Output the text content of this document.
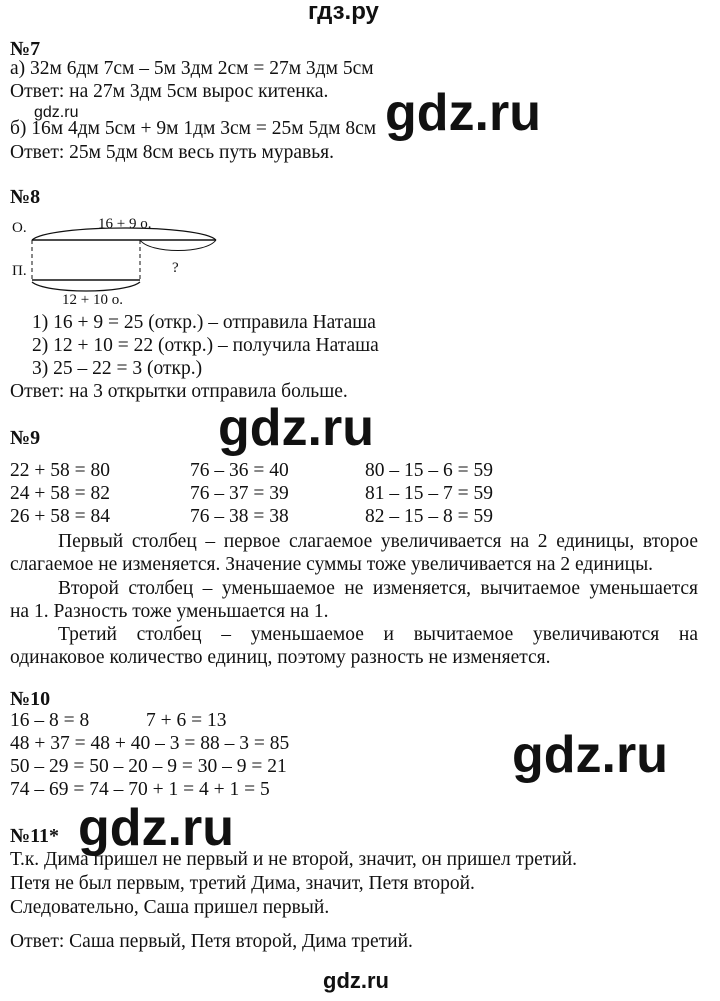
гдз.ру
№7
а) 32м 6дм 7см – 5м 3дм 2см = 27м 3дм 5см
Ответ: на 27м 3дм 5см вырос китенка.
gdz.ru
б) 16м 4дм 5см + 9м 1дм 3см = 25м 5дм 8см
Ответ: 25м 5дм 8см весь путь муравья.
gdz.ru
№8
О.
П.
16 + 9 о.
12 + 10 о.
?
1) 16 + 9 = 25 (откр.) – отправила Наташа
2) 12 + 10 = 22 (откр.) – получила Наташа
3) 25 – 22 = 3 (откр.)
Ответ: на 3 открытки отправила больше.
gdz.ru
№9
22 + 58 = 80
24 + 58 = 82
26 + 58 = 84
76 – 36 = 40
76 – 37 = 39
76 – 38 = 38
80 – 15 – 6 = 59
81 – 15 – 7 = 59
82 – 15 – 8 = 59
Первый столбец – первое слагаемое увеличивается на 2 единицы, второе
слагаемое не изменяется. Значение суммы тоже увеличивается на 2 единицы.
Второй столбец – уменьшаемое не изменяется, вычитаемое уменьшается
на 1. Разность тоже уменьшается на 1.
Третий столбец – уменьшаемое и вычитаемое увеличиваются на
одинаковое количество единиц, поэтому разность не изменяется.
№10
16 – 8 = 8	7 + 6 = 13
48 + 37 = 48 + 40 – 3 = 88 – 3 = 85
50 – 29 = 50 – 20 – 9 = 30 – 9 = 21
74 – 69 = 74 – 70 + 1 = 4 + 1 = 5
gdz.ru
№11* gdz.ru
Т.к. Дима пришел не первый и не второй, значит, он пришел третий.
Петя не был первым, третий Дима, значит, Петя второй.
Следовательно, Саша пришел первый.
Ответ: Саша первый, Петя второй, Дима третий.
gdz.ru
